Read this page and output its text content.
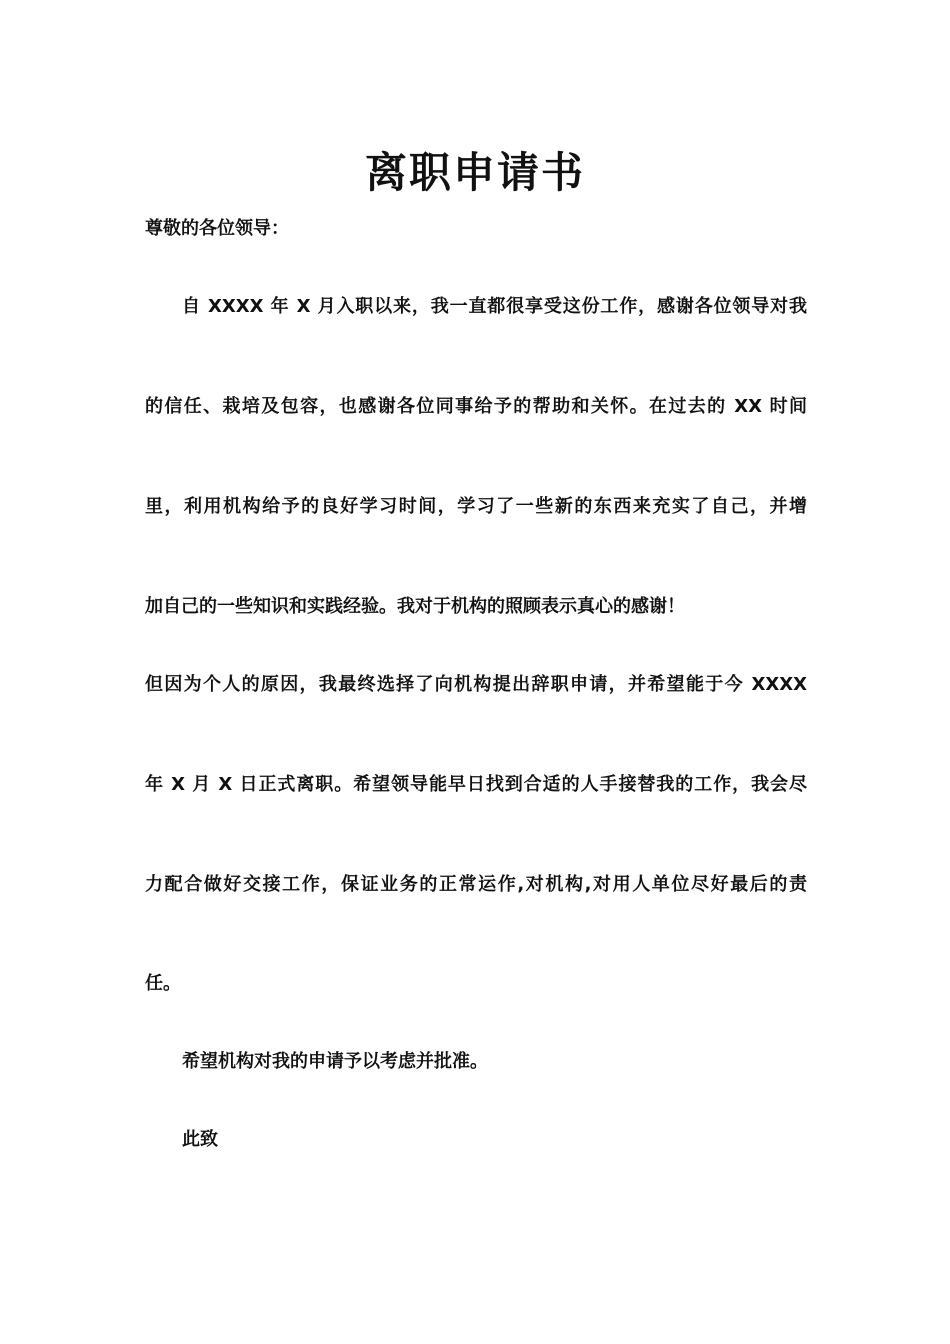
离职申请书
尊敬的各位领导：
自 XXXX 年 X 月入职以来，我一直都很享受这份工作，感谢各位领导对我
的信任、栽培及包容，也感谢各位同事给予的帮助和关怀。在过去的 XX 时间
里，利用机构给予的良好学习时间，学习了一些新的东西来充实了自己，并增
加自己的一些知识和实践经验。我对于机构的照顾表示真心的感谢！
但因为个人的原因，我最终选择了向机构提出辞职申请，并希望能于今 XXXX
年 X 月 X 日正式离职。希望领导能早日找到合适的人手接替我的工作，我会尽
力配合做好交接工作，保证业务的正常运作,对机构,对用人单位尽好最后的责
任。
希望机构对我的申请予以考虑并批准。
此致
